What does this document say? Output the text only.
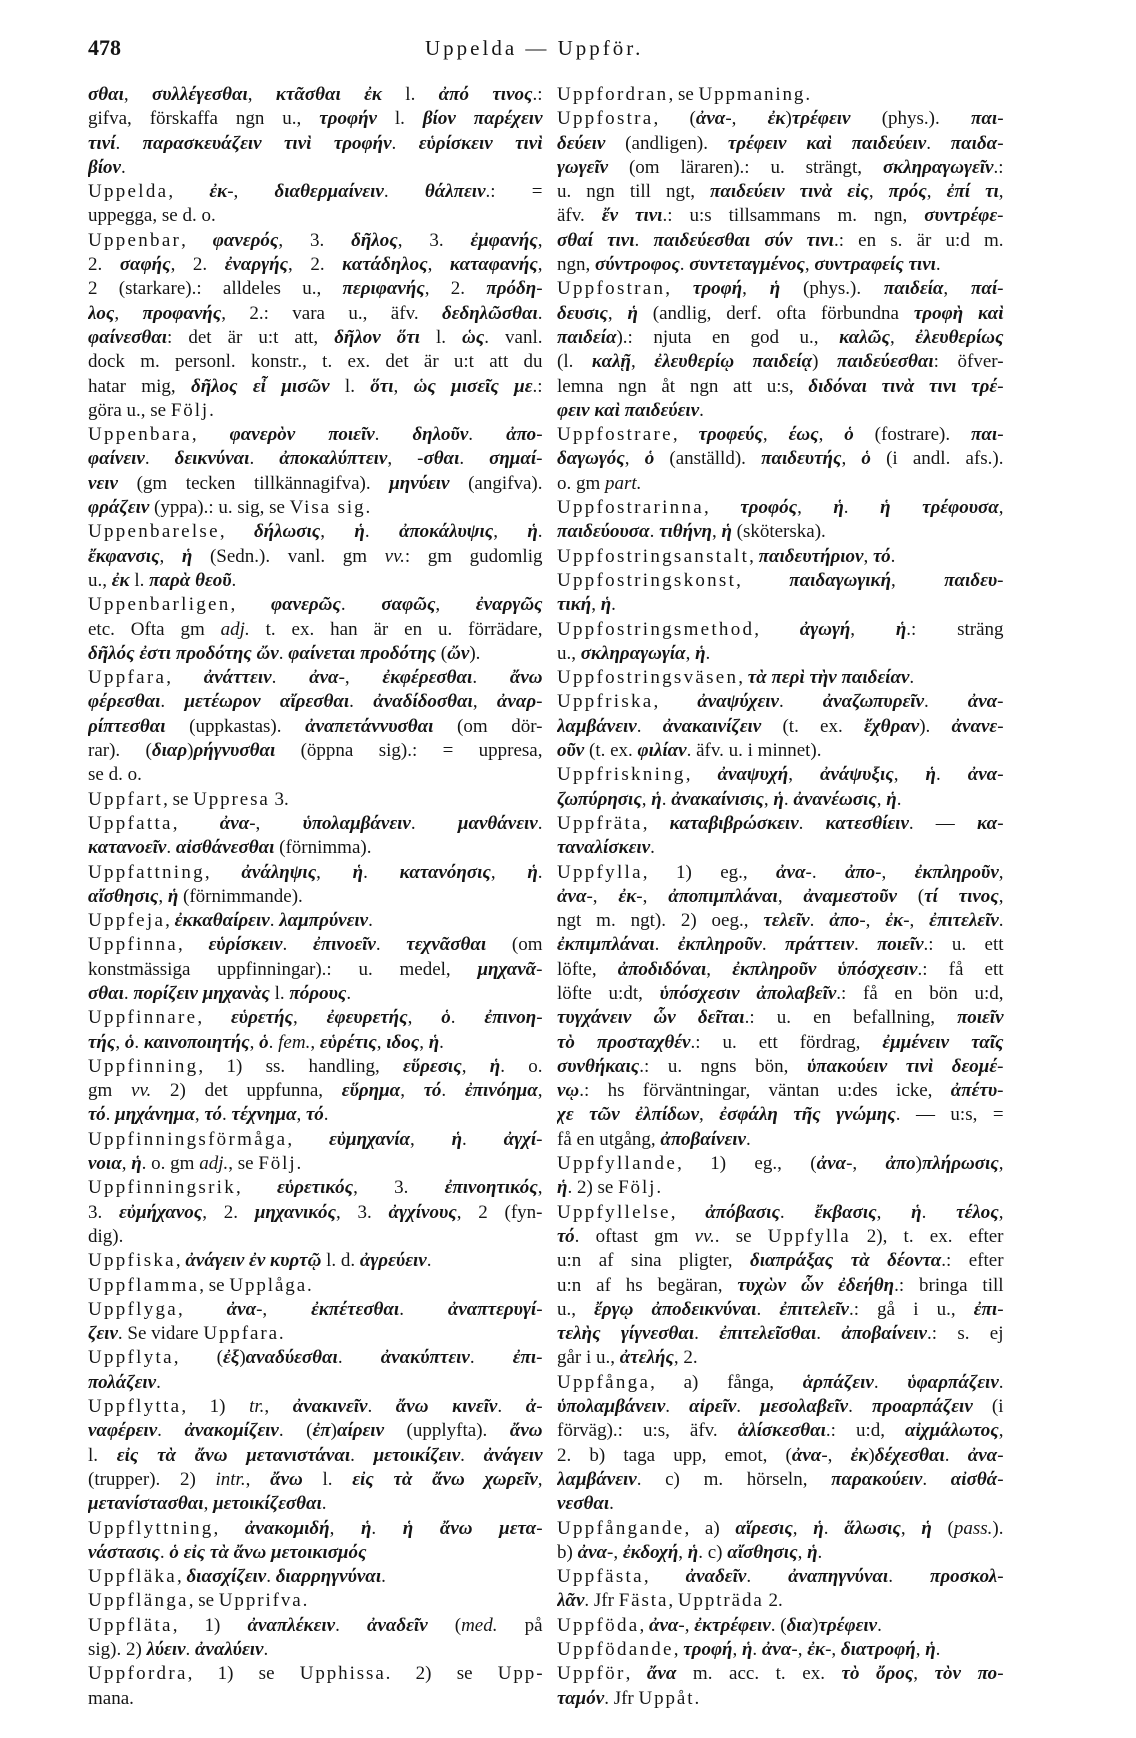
478	Uppelda — Uppför.
σθαι, συλλέγεσθαι, κτᾶσθαι ἐκ l. ἀπό τινος.:
gifva, förskaffa ngn u., τροφήν l. βίον παρέχειν
τινί. παρασκευάζειν τινὶ τροφήν. εὑρίσκειν τινὶ
βίον.
Uppelda, ἐκ-, διαθερμαίνειν. θάλπειν.: =
uppegga, se d. o.
Uppenbar, φανερός, 3. δῆλος, 3. ἐμφανής,
2. σαφής, 2. ἐναργής, 2. κατάδηλος, καταφανής,
2 (starkare).: alldeles u., περιφανής, 2. πρόδη-
λος, προφανής, 2.: vara u., äfv. δεδηλῶσθαι.
φαίνεσθαι: det är u:t att, δῆλον ὅτι l. ὡς. vanl.
dock m. personl. konstr., t. ex. det är u:t att du
hatar mig, δῆλος εἶ μισῶν l. ὅτι, ὡς μισεῖς με.:
göra u., se Följ.
Uppenbara, φανερὸν ποιεῖν. δηλοῦν. ἀπο-
φαίνειν. δεικνύναι. ἀποκαλύπτειν, -σθαι. σημαί-
νειν (gm tecken tillkännagifva). μηνύειν (angifva).
φράζειν (yppa).: u. sig, se Visa sig.
Uppenbarelse, δήλωσις, ἡ. ἀποκάλυψις, ἡ.
ἔκφανσις, ἡ (Sedn.). vanl. gm vv.: gm gudomlig
u., ἐκ l. παρὰ θεοῦ.
Uppenbarligen, φανερῶς. σαφῶς, ἐναργῶς
etc. Ofta gm adj. t. ex. han är en u. förrädare,
δῆλός ἐστι προδότης ὤν. φαίνεται προδότης (ὤν).
Uppfara, ἀνάττειν. ἀνα-, ἐκφέρεσθαι. ἄνω
φέρεσθαι. μετέωρον αἴρεσθαι. ἀναδίδοσθαι, ἀναρ-
ρίπτεσθαι (uppkastas). ἀναπετάννυσθαι (om dör-
rar). (διαρ)ρήγνυσθαι (öppna sig).: = uppresa,
se d. o.
Uppfart, se Uppresa 3.
Uppfatta, ἀνα-, ὑπολαμβάνειν. μανθάνειν.
κατανοεῖν. αἰσθάνεσθαι (förnimma).
Uppfattning, ἀνάληψις, ἡ. κατανόησις, ἡ.
αἴσθησις, ἡ (förnimmande).
Uppfeja, ἐκκαθαίρειν. λαμπρύνειν.
Uppfinna, εὑρίσκειν. ἐπινοεῖν. τεχνᾶσθαι (om
konstmässiga uppfinningar).: u. medel, μηχανᾶ-
σθαι. πορίζειν μηχανὰς l. πόρους.
Uppfinnare, εὑρετής, ἐφευρετής, ὁ. ἐπινοη-
τής, ὁ. καινοποιητής, ὁ. fem., εὑρέτις, ιδος, ἡ.
Uppfinning, 1) ss. handling, εὕρεσις, ἡ. o.
gm vv. 2) det uppfunna, εὕρημα, τό. ἐπινόημα,
τό. μηχάνημα, τό. τέχνημα, τό.
Uppfinningsförmåga, εὐμηχανία, ἡ. ἀγχί-
νοια, ἡ. o. gm adj., se Följ.
Uppfinningsrik, εὑρετικός, 3. ἐπινοητικός,
3. εὐμήχανος, 2. μηχανικός, 3. ἀγχίνους, 2 (fyn-
dig).
Uppfiska, ἀνάγειν ἐν κυρτῷ l. d. ἀγρεύειν.
Uppflamma, se Upplåga.
Uppflyga, ἀνα-, ἐκπέτεσθαι. ἀναπτερυγί-
ζειν. Se vidare Uppfara.
Uppflyta, (ἐξ)αναδύεσθαι. ἀνακύπτειν. ἐπι-
πολάζειν.
Uppflytta, 1) tr., ἀνακινεῖν. ἄνω κινεῖν. ἀ-
ναφέρειν. ἀνακομίζειν. (ἐπ)αίρειν (upplyfta). ἄνω
l. εἰς τὰ ἄνω μετανιστάναι. μετοικίζειν. ἀνάγειν
(trupper). 2) intr., ἄνω l. εἰς τὰ ἄνω χωρεῖν,
μετανίστασθαι, μετοικίζεσθαι.
Uppflyttning, ἀνακομιδή, ἡ. ἡ ἄνω μετα-
νάστασις. ὁ εἰς τὰ ἄνω μετοικισμός
Uppfläka, διασχίζειν. διαρρηγνύναι.
Uppflänga, se Upprifva.
Uppfläta, 1) ἀναπλέκειν. ἀναδεῖν (med. på
sig). 2) λύειν. ἀναλύειν.
Uppfordra, 1) se Upphissa. 2) se Upp-
mana.
Uppfordran, se Uppmaning.
Uppfostra, (ἀνα-, ἐκ)τρέφειν (phys.). παι-
δεύειν (andligen). τρέφειν καὶ παιδεύειν. παιδα-
γωγεῖν (om läraren).: u. strängt, σκληραγωγεῖν.:
u. ngn till ngt, παιδεύειν τινὰ εἰς, πρός, ἐπί τι,
äfv. ἔν τινι.: u:s tillsammans m. ngn, συντρέφε-
σθαί τινι. παιδεύεσθαι σύν τινι.: en s. är u:d m.
ngn, σύντροφος. συντεταγμένος, συντραφείς τινι.
Uppfostran, τροφή, ἡ (phys.). παιδεία, παί-
δευσις, ἡ (andlig, derf. ofta förbundna τροφὴ καὶ
παιδεία).: njuta en god u., καλῶς, ἐλευθερίως
(l. καλῇ, ἐλευθερίῳ παιδείᾳ) παιδεύεσθαι: öfver-
lemna ngn åt ngn att u:s, διδόναι τινὰ τινι τρέ-
φειν καὶ παιδεύειν.
Uppfostrare, τροφεύς, έως, ὁ (fostrare). παι-
δαγωγός, ὁ (anställd). παιδευτής, ὁ (i andl. afs.).
o. gm part.
Uppfostrarinna, τροφός, ἡ. ἡ τρέφουσα,
παιδεύουσα. τιθήνη, ἡ (sköterska).
Uppfostringsanstalt, παιδευτήριον, τό.
Uppfostringskonst, παιδαγωγική, παιδευ-
τική, ἡ.
Uppfostringsmethod, ἀγωγή, ἡ.: sträng
u., σκληραγωγία, ἡ.
Uppfostringsväsen, τὰ περὶ τὴν παιδείαν.
Uppfriska, ἀναψύχειν. ἀναζωπυρεῖν. ἀνα-
λαμβάνειν. ἀνακαινίζειν (t. ex. ἔχθραν). ἀνανε-
οῦν (t. ex. φιλίαν. äfv. u. i minnet).
Uppfriskning, ἀναψυχή, ἀνάψυξις, ἡ. ἀνα-
ζωπύρησις, ἡ. ἀνακαίνισις, ἡ. ἀνανέωσις, ἡ.
Uppfräta, καταβιβρώσκειν. κατεσθίειν. — κα-
ταναλίσκειν.
Uppfylla, 1) eg., ἀνα-. ἀπο-, ἐκπληροῦν,
ἀνα-, ἐκ-, ἀποπιμπλάναι, ἀναμεστοῦν (τί τινος,
ngt m. ngt). 2) oeg., τελεῖν. ἀπο-, ἐκ-, ἐπιτελεῖν.
ἐκπιμπλάναι. ἐκπληροῦν. πράττειν. ποιεῖν.: u. ett
löfte, ἀποδιδόναι, ἐκπληροῦν ὑπόσχεσιν.: få ett
löfte u:dt, ὑπόσχεσιν ἀπολαβεῖν.: få en bön u:d,
τυγχάνειν ὧν δεῖται.: u. en befallning, ποιεῖν
τὸ προσταχθέν.: u. ett fördrag, ἐμμένειν ταῖς
συνθήκαις.: u. ngns bön, ὑπακούειν τινὶ δεομέ-
νῳ.: hs förväntningar, väntan u:des icke, ἀπέτυ-
χε τῶν ἐλπίδων, ἐσφάλη τῆς γνώμης. — u:s, =
få en utgång, ἀποβαίνειν.
Uppfyllande, 1) eg., (ἀνα-, ἀπο)πλήρωσις,
ἡ. 2) se Följ.
Uppfyllelse, ἀπόβασις. ἔκβασις, ἡ. τέλος,
τό. oftast gm vv.. se Uppfylla 2), t. ex. efter
u:n af sina pligter, διαπράξας τὰ δέοντα.: efter
u:n af hs begäran, τυχὼν ὧν ἐδεήθη.: bringa till
u., ἔργῳ ἀποδεικνύναι. ἐπιτελεῖν.: gå i u., ἐπι-
τελὴς γίγνεσθαι. ἐπιτελεῖσθαι. ἀποβαίνειν.: s. ej
går i u., ἀτελής, 2.
Uppfånga, a) fånga, ἁρπάζειν. ὑφαρπάζειν.
ὑπολαμβάνειν. αἱρεῖν. μεσολαβεῖν. προαρπάζειν (i
förväg).: u:s, äfv. ἁλίσκεσθαι.: u:d, αἰχμάλωτος,
2. b) taga upp, emot, (ἀνα-, ἐκ)δέχεσθαι. ἀνα-
λαμβάνειν. c) m. hörseln, παρακούειν. αἰσθά-
νεσθαι.
Uppfångande, a) αἵρεσις, ἡ. ἅλωσις, ἡ (pass.).
b) ἀνα-, ἐκδοχή, ἡ. c) αἴσθησις, ἡ.
Uppfästa, ἀναδεῖν. ἀναπηγνύναι. προσκολ-
λᾶν. Jfr Fästa, Uppträda 2.
Uppföda, ἀνα-, ἐκτρέφειν. (δια)τρέφειν.
Uppfödande, τροφή, ἡ. ἀνα-, ἐκ-, διατροφή, ἡ.
Uppför, ἄνα m. acc. t. ex. τὸ ὄρος, τὸν πο-
ταμόν. Jfr Uppåt.
